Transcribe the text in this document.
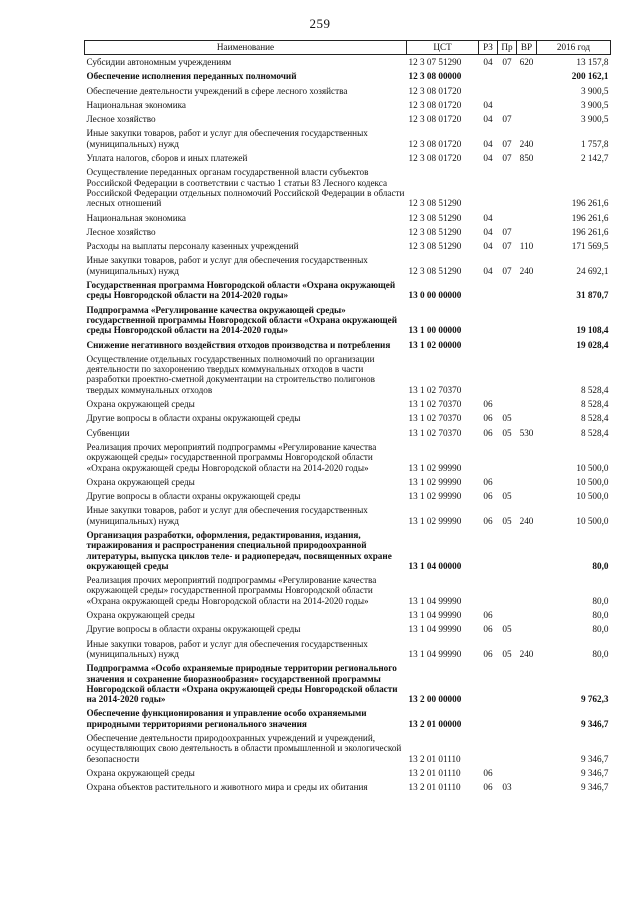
259
Наименование	ЦСТ	РЗ	Пр	ВР	2016 год
Субсидии автономным учреждениям	12 3 07 51290	04	07	620	13 157,8
Обеспечение исполнения переданных полномочий	12 3 08 00000				200 162,1
Обеспечение деятельности учреждений в сфере лесного хозяйства	12 3 08 01720				3 900,5
Национальная экономика	12 3 08 01720	04			3 900,5
Лесное хозяйство	12 3 08 01720	04	07		3 900,5
Иные закупки товаров, работ и услуг для обеспечения государственных (муниципальных) нужд	12 3 08 01720	04	07	240	1 757,8
Уплата налогов, сборов и иных платежей	12 3 08 01720	04	07	850	2 142,7
Осуществление переданных органам государственной власти субъектов Российской Федерации в соответствии с частью 1 статьи 83 Лесного кодекса Российской Федерации отдельных полномочий Российской Федерации в области лесных отношений	12 3 08 51290				196 261,6
Национальная экономика	12 3 08 51290	04			196 261,6
Лесное хозяйство	12 3 08 51290	04	07		196 261,6
Расходы на выплаты персоналу казенных учреждений	12 3 08 51290	04	07	110	171 569,5
Иные закупки товаров, работ и услуг для обеспечения государственных (муниципальных) нужд	12 3 08 51290	04	07	240	24 692,1
Государственная программа Новгородской области «Охрана окружающей среды Новгородской области на 2014-2020 годы»	13 0 00 00000				31 870,7
Подпрограмма «Регулирование качества окружающей среды» государственной программы Новгородской области «Охрана окружающей среды Новгородской области на 2014-2020 годы»	13 1 00 00000				19 108,4
Снижение негативного воздействия отходов производства и потребления	13 1 02 00000				19 028,4
Осуществление отдельных государственных полномочий по организации деятельности по захоронению твердых коммунальных отходов в части разработки проектно-сметной документации на строительство полигонов твердых коммунальных отходов	13 1 02 70370				8 528,4
Охрана окружающей среды	13 1 02 70370	06			8 528,4
Другие вопросы в области охраны окружающей среды	13 1 02 70370	06	05		8 528,4
Субвенции	13 1 02 70370	06	05	530	8 528,4
Реализация прочих мероприятий подпрограммы «Регулирование качества окружающей среды» государственной программы Новгородской области «Охрана окружающей среды Новгородской области на 2014-2020 годы»	13 1 02 99990				10 500,0
Охрана окружающей среды	13 1 02 99990	06			10 500,0
Другие вопросы в области охраны окружающей среды	13 1 02 99990	06	05		10 500,0
Иные закупки товаров, работ и услуг для обеспечения государственных (муниципальных) нужд	13 1 02 99990	06	05	240	10 500,0
Организация разработки, оформления, редактирования, издания, тиражирования и распространения специальной природоохранной литературы, выпуска циклов теле- и радиопередач, посвященных охране окружающей среды	13 1 04 00000				80,0
Реализация прочих мероприятий подпрограммы «Регулирование качества окружающей среды» государственной программы Новгородской области «Охрана окружающей среды Новгородской области на 2014-2020 годы»	13 1 04 99990				80,0
Охрана окружающей среды	13 1 04 99990	06			80,0
Другие вопросы в области охраны окружающей среды	13 1 04 99990	06	05		80,0
Иные закупки товаров, работ и услуг для обеспечения государственных (муниципальных) нужд	13 1 04 99990	06	05	240	80,0
Подпрограмма «Особо охраняемые природные территории регионального значения и сохранение биоразнообразия» государственной программы Новгородской области «Охрана окружающей среды Новгородской области на 2014-2020 годы»	13 2 00 00000				9 762,3
Обеспечение функционирования и управление особо охраняемыми природными территориями регионального значения	13 2 01 00000				9 346,7
Обеспечение деятельности природоохранных учреждений и учреждений, осуществляющих свою деятельность в области промышленной и экологической безопасности	13 2 01 01110				9 346,7
Охрана окружающей среды	13 2 01 01110	06			9 346,7
Охрана объектов растительного и животного мира и среды их обитания	13 2 01 01110	06	03		9 346,7
